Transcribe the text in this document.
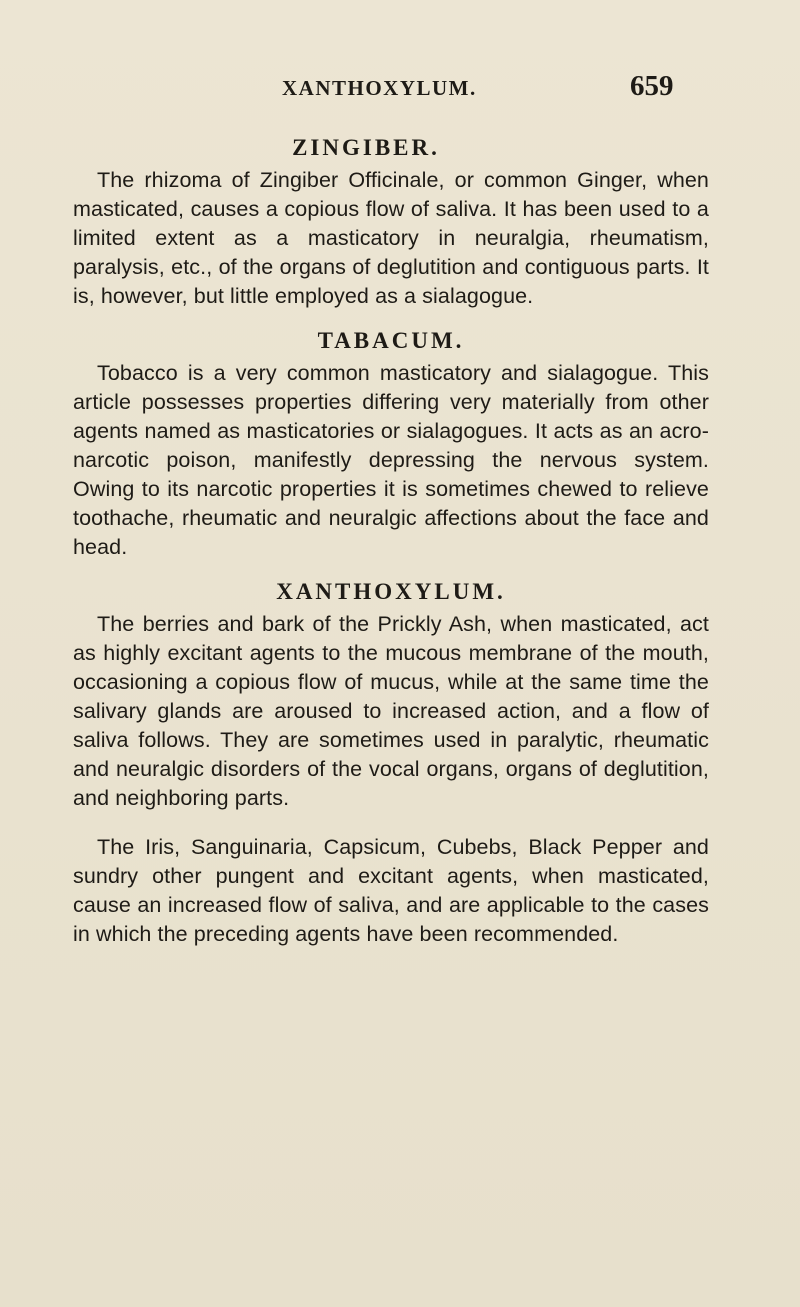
XANTHOXYLUM.	659
ZINGIBER.

The rhizoma of Zingiber Officinale, or common Ginger, when masticated, causes a copious flow of saliva. It has been used to a limited extent as a masticatory in neuralgia, rheumatism, paralysis, etc., of the organs of deglutition and contiguous parts. It is, however, but little employed as a sialagogue.

TABACUM.

Tobacco is a very common masticatory and sialagogue. This article possesses properties differing very materially from other agents named as masticatories or sialagogues. It acts as an acro-narcotic poison, manifestly depressing the nervous system. Owing to its narcotic properties it is sometimes chewed to relieve toothache, rheumatic and neuralgic affections about the face and head.

XANTHOXYLUM.

The berries and bark of the Prickly Ash, when masticated, act as highly excitant agents to the mucous membrane of the mouth, occasioning a copious flow of mucus, while at the same time the salivary glands are aroused to increased action, and a flow of saliva follows. They are sometimes used in paralytic, rheumatic and neuralgic disorders of the vocal organs, organs of deglutition, and neighboring parts.

The Iris, Sanguinaria, Capsicum, Cubebs, Black Pepper and sundry other pungent and excitant agents, when masticated, cause an increased flow of saliva, and are applicable to the cases in which the preceding agents have been recommended.
